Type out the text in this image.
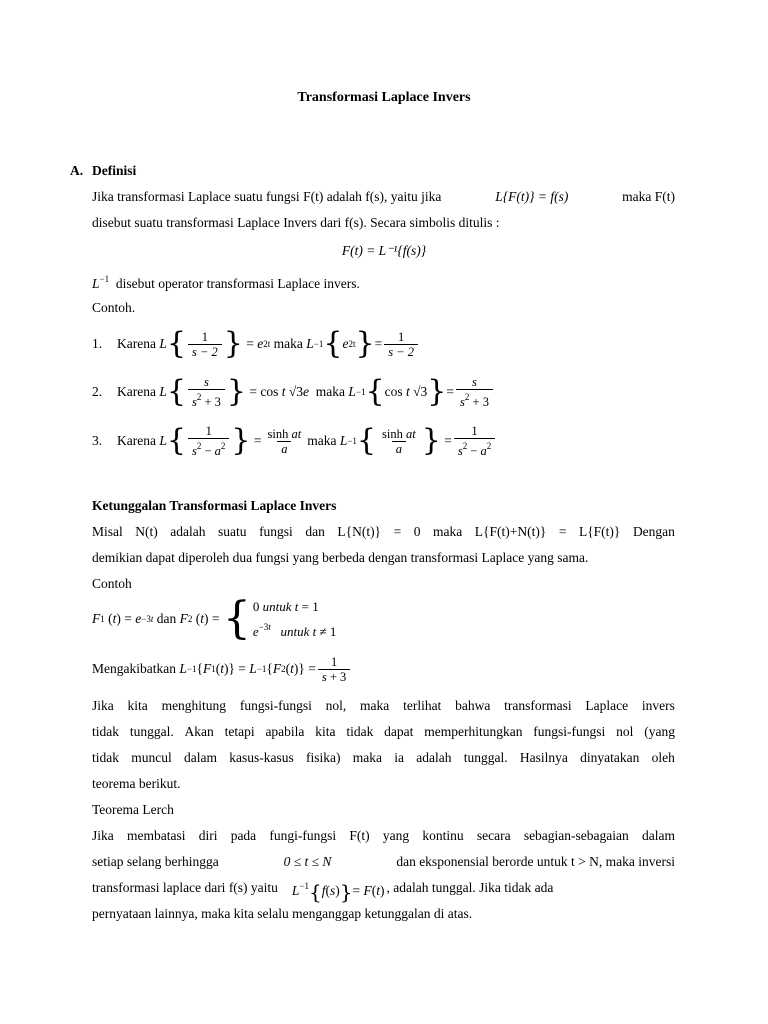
Transformasi Laplace Invers
A. Definisi
Jika transformasi Laplace suatu fungsi F(t) adalah f(s), yaitu jika	L{F(t)} = f(s)	maka F(t)
disebut suatu transformasi Laplace Invers dari f(s). Secara simbolis ditulis :
F(t) = L⁻¹{f(s)}
$L^{-1}$ disebut operator transformasi Laplace invers.
Contoh.
1.	Karena
L { $\frac{1}{s - 2}$ } = e 2t
maka
L −1 { e 2t } = $\frac{1}{s - 2}$
2.	Karena
L { $\frac{s}{s^2 + 3}$ } = cos t √3 e
maka
L −1 { cos t √3 } = $\frac{s}{s^2 + 3}$
3.	Karena
L { $\frac{1}{s^2 - a^2}$ } = $\frac{\text{sinh at}}{a}$ maka
L −1 { $\frac{\text{sinh at}}{a}$ } = $\frac{1}{s^2 - a^2}$
Ketunggalan Transformasi Laplace Invers
Misal N(t) adalah suatu fungsi dan L{N(t)} = 0 maka L{F(t)+N(t)} = L{F(t)} Dengan
demikian dapat diperoleh dua fungsi yang berbeda dengan transformasi Laplace yang sama.
Contoh
F 1 ( t ) = e −3t
dan
F 2 ( t ) = { 0 untuk t = 1
$e^{-3t}$ untuk t ≠ 1
Mengakibatkan
L −1 { F 1 ( t )} = L −1 { F 2 ( t )} = $\frac{1}{s + 3}$
Jika kita menghitung fungsi-fungsi nol, maka terlihat bahwa transformasi Laplace invers
tidak tunggal. Akan tetapi apabila kita tidak dapat memperhitungkan fungsi-fungsi nol (yang
tidak muncul dalam kasus-kasus fisika) maka ia adalah tunggal. Hasilnya dinyatakan oleh
teorema berikut.
Teorema Lerch
Jika membatasi diri pada fungi-fungsi F(t) yang kontinu secara sebagian-sebagaian dalam
setiap selang berhingga	0 ≤ t ≤ N	dan eksponensial berorde untuk t > N, maka inversi
transformasi laplace dari f(s) yaitu $L^{-1}\{f(s)\}= F(t)$ , adalah tunggal. Jika tidak ada
pernyataan lainnya, maka kita selalu menganggap ketunggalan di atas.
